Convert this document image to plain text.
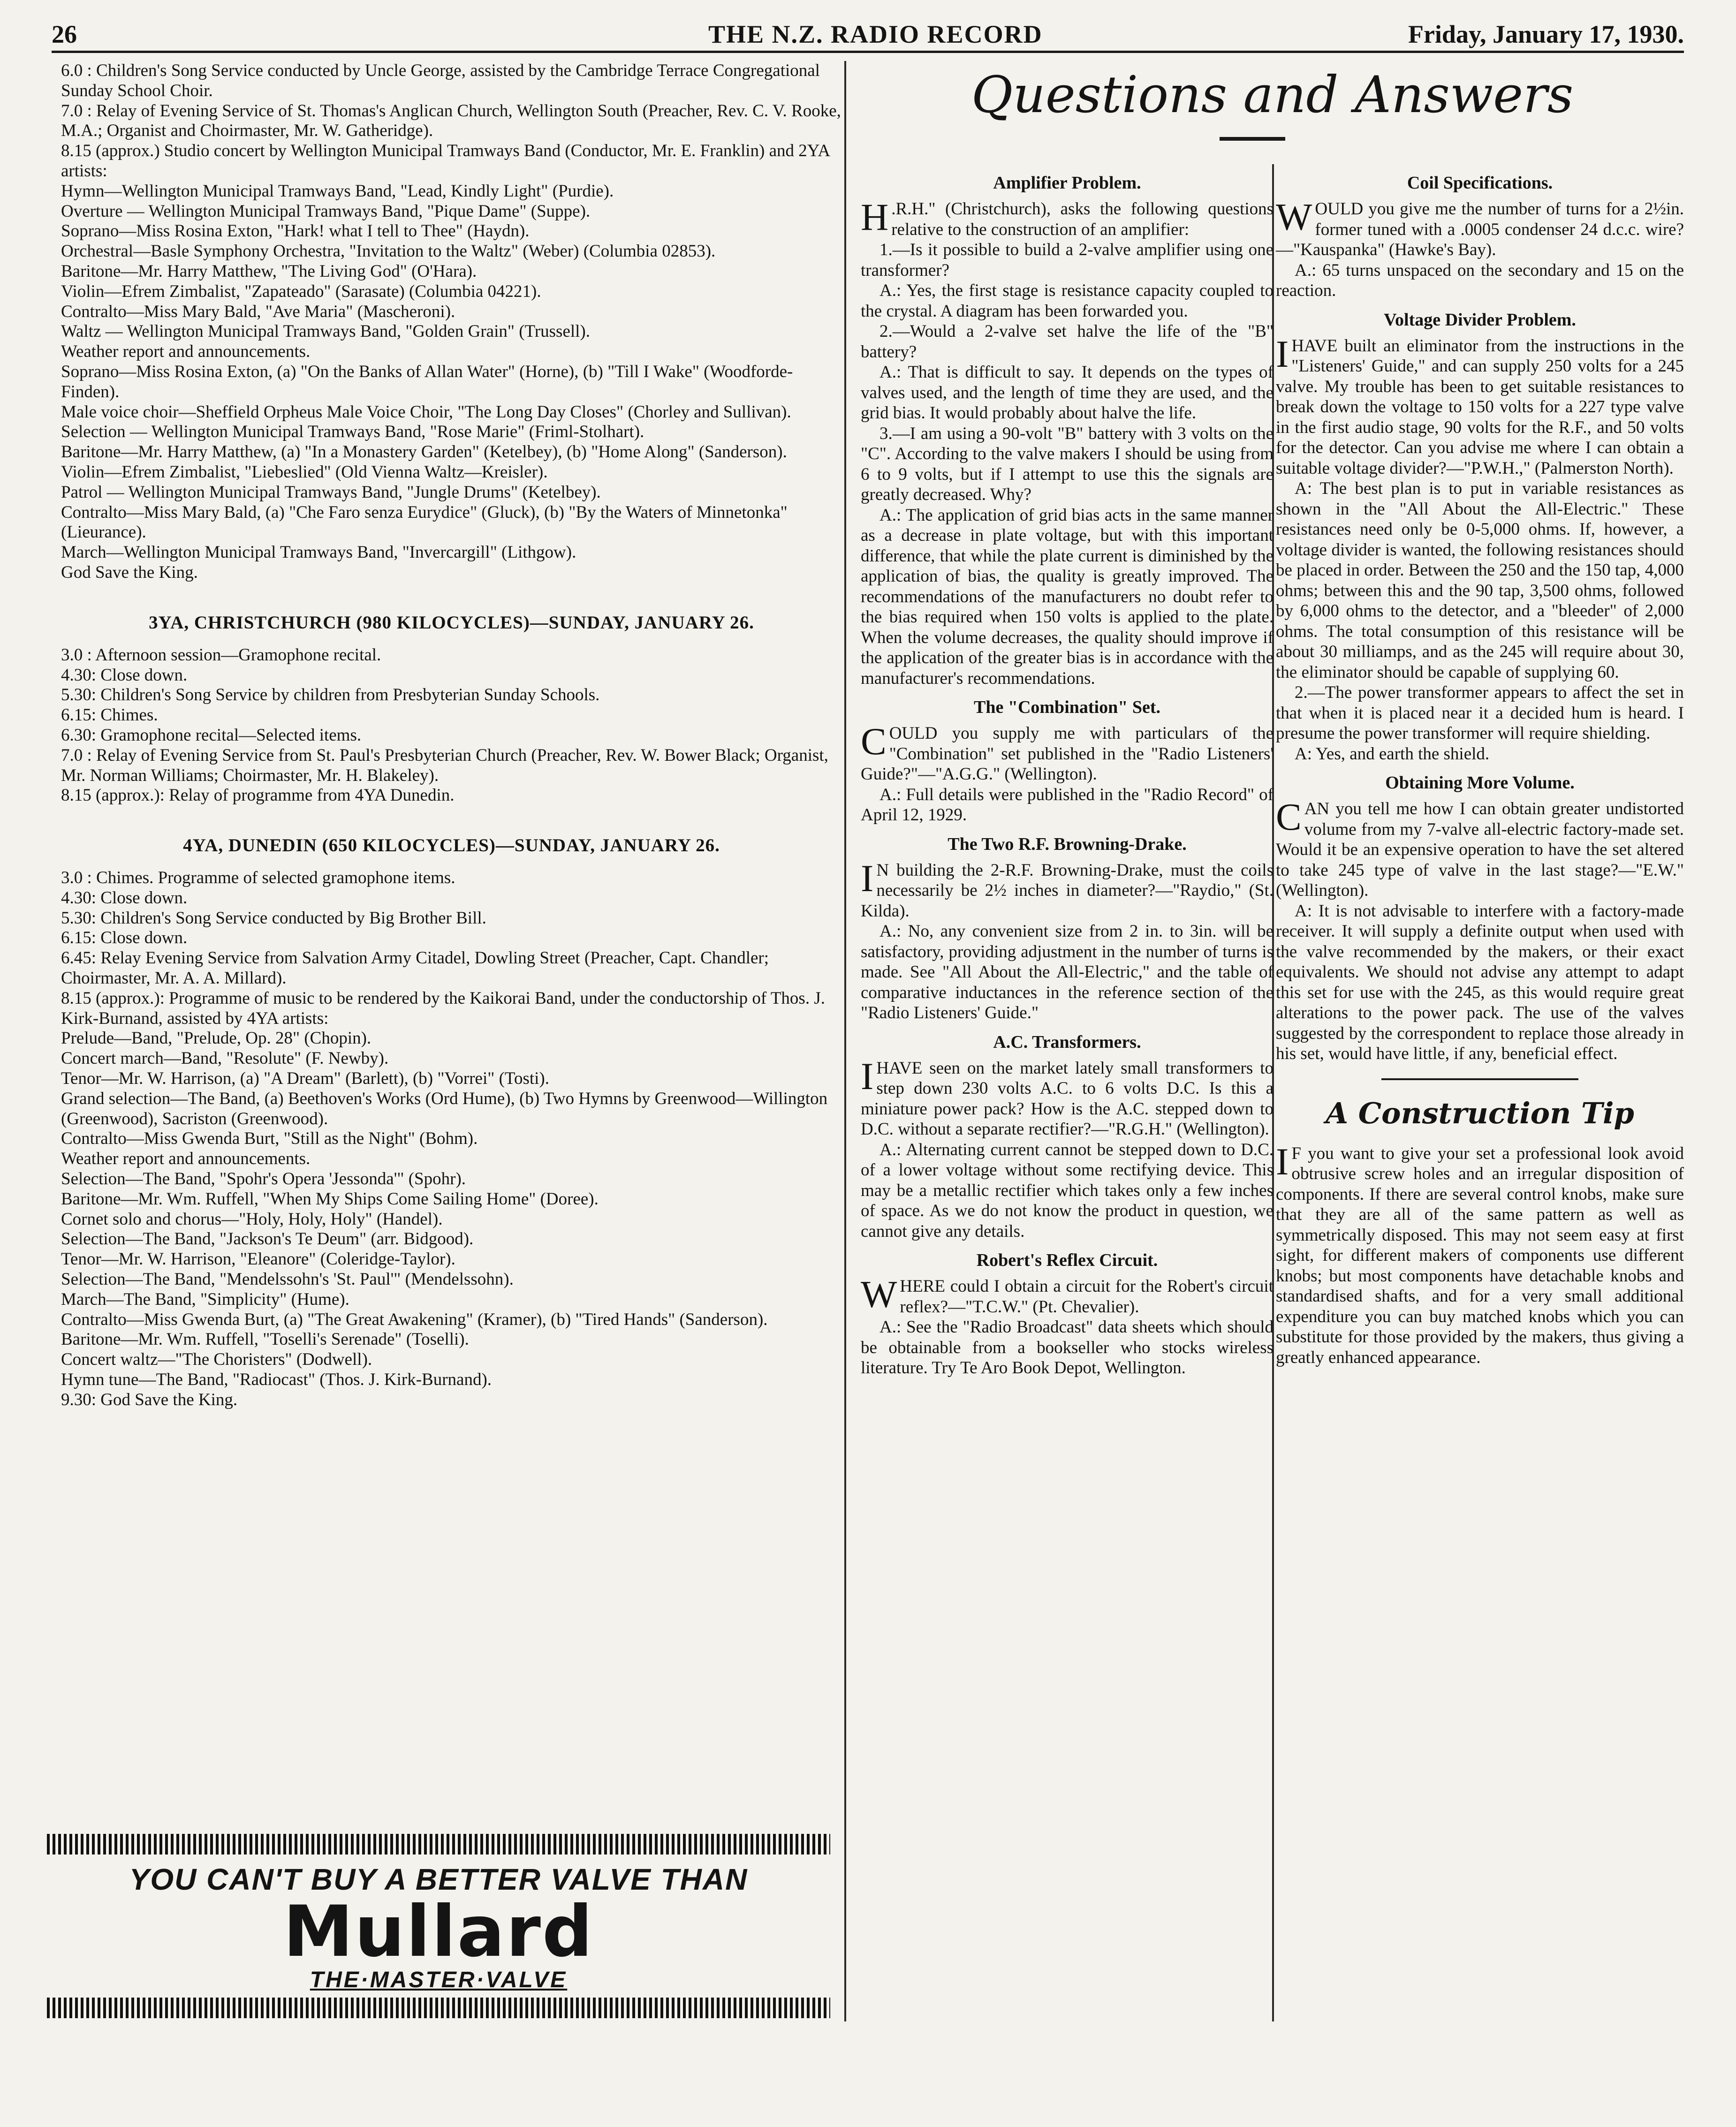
26	THE N.Z. RADIO RECORD	Friday, January 17, 1930.

6.0 : Children's Song Service conducted by Uncle George, assisted by the Cambridge Terrace Congregational Sunday School Choir.

7.0 : Relay of Evening Service of St. Thomas's Anglican Church, Wellington South (Preacher, Rev. C. V. Rooke, M.A.; Organist and Choirmaster, Mr. W. Gatheridge).

8.15 (approx.) Studio concert by Wellington Municipal Tramways Band (Conductor, Mr. E. Franklin) and 2YA artists:

Hymn—Wellington Municipal Tramways Band, "Lead, Kindly Light" (Purdie).

Overture — Wellington Municipal Tramways Band, "Pique Dame" (Suppe).

Soprano—Miss Rosina Exton, "Hark! what I tell to Thee" (Haydn).

Orchestral—Basle Symphony Orchestra, "Invitation to the Waltz" (Weber) (Columbia 02853).

Baritone—Mr. Harry Matthew, "The Living God" (O'Hara).

Violin—Efrem Zimbalist, "Zapateado" (Sarasate) (Columbia 04221).

Contralto—Miss Mary Bald, "Ave Maria" (Mascheroni).

Waltz — Wellington Municipal Tramways Band, "Golden Grain" (Trussell).

Weather report and announcements.

Soprano—Miss Rosina Exton, (a) "On the Banks of Allan Water" (Horne), (b) "Till I Wake" (Woodforde-Finden).

Male voice choir—Sheffield Orpheus Male Voice Choir, "The Long Day Closes" (Chorley and Sullivan).

Selection — Wellington Municipal Tramways Band, "Rose Marie" (Friml-Stolhart).

Baritone—Mr. Harry Matthew, (a) "In a Monastery Garden" (Ketelbey), (b) "Home Along" (Sanderson).

Violin—Efrem Zimbalist, "Liebeslied" (Old Vienna Waltz—Kreisler).

Patrol — Wellington Municipal Tramways Band, "Jungle Drums" (Ketelbey).

Contralto—Miss Mary Bald, (a) "Che Faro senza Eurydice" (Gluck), (b) "By the Waters of Minnetonka" (Lieurance).

March—Wellington Municipal Tramways Band, "Invercargill" (Lithgow).

God Save the King.

3YA, CHRISTCHURCH (980 KILOCYCLES)—SUNDAY, JANUARY 26.

3.0 : Afternoon session—Gramophone recital.

4.30: Close down.

5.30: Children's Song Service by children from Presbyterian Sunday Schools.

6.15: Chimes.

6.30: Gramophone recital—Selected items.

7.0 : Relay of Evening Service from St. Paul's Presbyterian Church (Preacher, Rev. W. Bower Black; Organist, Mr. Norman Williams; Choirmaster, Mr. H. Blakeley).

8.15 (approx.): Relay of programme from 4YA Dunedin.

4YA, DUNEDIN (650 KILOCYCLES)—SUNDAY, JANUARY 26.

3.0 : Chimes. Programme of selected gramophone items.

4.30: Close down.

5.30: Children's Song Service conducted by Big Brother Bill.

6.15: Close down.

6.45: Relay Evening Service from Salvation Army Citadel, Dowling Street (Preacher, Capt. Chandler; Choirmaster, Mr. A. A. Millard).

8.15 (approx.): Programme of music to be rendered by the Kaikorai Band, under the conductorship of Thos. J. Kirk-Burnand, assisted by 4YA artists:

Prelude—Band, "Prelude, Op. 28" (Chopin).

Concert march—Band, "Resolute" (F. Newby).

Tenor—Mr. W. Harrison, (a) "A Dream" (Barlett), (b) "Vorrei" (Tosti).

Grand selection—The Band, (a) Beethoven's Works (Ord Hume), (b) Two Hymns by Greenwood—Willington (Greenwood), Sacriston (Greenwood).

Contralto—Miss Gwenda Burt, "Still as the Night" (Bohm).

Weather report and announcements.

Selection—The Band, "Spohr's Opera 'Jessonda'" (Spohr).

Baritone—Mr. Wm. Ruffell, "When My Ships Come Sailing Home" (Doree).

Cornet solo and chorus—"Holy, Holy, Holy" (Handel).

Selection—The Band, "Jackson's Te Deum" (arr. Bidgood).

Tenor—Mr. W. Harrison, "Eleanore" (Coleridge-Taylor).

Selection—The Band, "Mendelssohn's 'St. Paul'" (Mendelssohn).

March—The Band, "Simplicity" (Hume).

Contralto—Miss Gwenda Burt, (a) "The Great Awakening" (Kramer), (b) "Tired Hands" (Sanderson).

Baritone—Mr. Wm. Ruffell, "Toselli's Serenade" (Toselli).

Concert waltz—"The Choristers" (Dodwell).

Hymn tune—The Band, "Radiocast" (Thos. J. Kirk-Burnand).

9.30: God Save the King.

YOU CAN'T BUY A BETTER VALVE THAN
Mullard
THE·MASTER·VALVE
Questions and Answers
Amplifier Problem.

H .R.H." (Christchurch), asks the following questions relative to the construction of an amplifier:

1.—Is it possible to build a 2-valve amplifier using one transformer?

A.: Yes, the first stage is resistance capacity coupled to the crystal. A diagram has been forwarded you.

2.—Would a 2-valve set halve the life of the "B" battery?

A.: That is difficult to say. It depends on the types of valves used, and the length of time they are used, and the grid bias. It would probably about halve the life.

3.—I am using a 90-volt "B" battery with 3 volts on the "C". According to the valve makers I should be using from 6 to 9 volts, but if I attempt to use this the signals are greatly decreased. Why?

A.: The application of grid bias acts in the same manner as a decrease in plate voltage, but with this important difference, that while the plate current is diminished by the application of bias, the quality is greatly improved. The recommendations of the manufacturers no doubt refer to the bias required when 150 volts is applied to the plate. When the volume decreases, the quality should improve if the application of the greater bias is in accordance with the manufacturer's recommendations.

The "Combination" Set.

COULD you supply me with particulars of the "Combination" set published in the "Radio Listeners' Guide?"—"A.G.G." (Wellington).

A.: Full details were published in the "Radio Record" of April 12, 1929.

The Two R.F. Browning-Drake.

I N building the 2-R.F. Browning-Drake, must the coils necessarily be 2½ inches in diameter?—"Raydio," (St. Kilda).

A.: No, any convenient size from 2 in. to 3in. will be satisfactory, providing adjustment in the number of turns is made. See "All About the All-Electric," and the table of comparative inductances in the reference section of the "Radio Listeners' Guide."

A.C. Transformers.

I HAVE seen on the market lately small transformers to step down 230 volts A.C. to 6 volts D.C. Is this a miniature power pack? How is the A.C. stepped down to D.C. without a separate rectifier?—"R.G.H." (Wellington).

A.: Alternating current cannot be stepped down to D.C. of a lower voltage without some rectifying device. This may be a metallic rectifier which takes only a few inches of space. As we do not know the product in question, we cannot give any details.

Robert's Reflex Circuit.

WHERE could I obtain a circuit for the Robert's circuit reflex?—"T.C.W." (Pt. Chevalier).

A.: See the "Radio Broadcast" data sheets which should be obtainable from a bookseller who stocks wireless literature. Try Te Aro Book Depot, Wellington.

Coil Specifications.

WOULD you give me the number of turns for a 2½in. former tuned with a .0005 condenser 24 d.c.c. wire?—"Kauspanka" (Hawke's Bay).

A.: 65 turns unspaced on the secondary and 15 on the reaction.

Voltage Divider Problem.

I HAVE built an eliminator from the instructions in the "Listeners' Guide," and can supply 250 volts for a 245 valve. My trouble has been to get suitable resistances to break down the voltage to 150 volts for a 227 type valve in the first audio stage, 90 volts for the R.F., and 50 volts for the detector. Can you advise me where I can obtain a suitable voltage divider?—"P.W.H.," (Palmerston North).

A: The best plan is to put in variable resistances as shown in the "All About the All-Electric." These resistances need only be 0-5,000 ohms. If, however, a voltage divider is wanted, the following resistances should be placed in order. Between the 250 and the 150 tap, 4,000 ohms; between this and the 90 tap, 3,500 ohms, followed by 6,000 ohms to the detector, and a "bleeder" of 2,000 ohms. The total consumption of this resistance will be about 30 milliamps, and as the 245 will require about 30, the eliminator should be capable of supplying 60.

2.—The power transformer appears to affect the set in that when it is placed near it a decided hum is heard. I presume the power transformer will require shielding.

A: Yes, and earth the shield.

Obtaining More Volume.

CAN you tell me how I can obtain greater undistorted volume from my 7-valve all-electric factory-made set. Would it be an expensive operation to have the set altered to take 245 type of valve in the last stage?—"E.W." (Wellington).

A: It is not advisable to interfere with a factory-made receiver. It will supply a definite output when used with the valve recommended by the makers, or their exact equivalents. We should not advise any attempt to adapt this set for use with the 245, as this would require great alterations to the power pack. The use of the valves suggested by the correspondent to replace those already in his set, would have little, if any, beneficial effect.

A Construction Tip

I F you want to give your set a professional look avoid obtrusive screw holes and an irregular disposition of components. If there are several control knobs, make sure that they are all of the same pattern as well as symmetrically disposed. This may not seem easy at first sight, for different makers of components use different knobs; but most components have detachable knobs and standardised shafts, and for a very small additional expenditure you can buy matched knobs which you can substitute for those provided by the makers, thus giving a greatly enhanced appearance.
